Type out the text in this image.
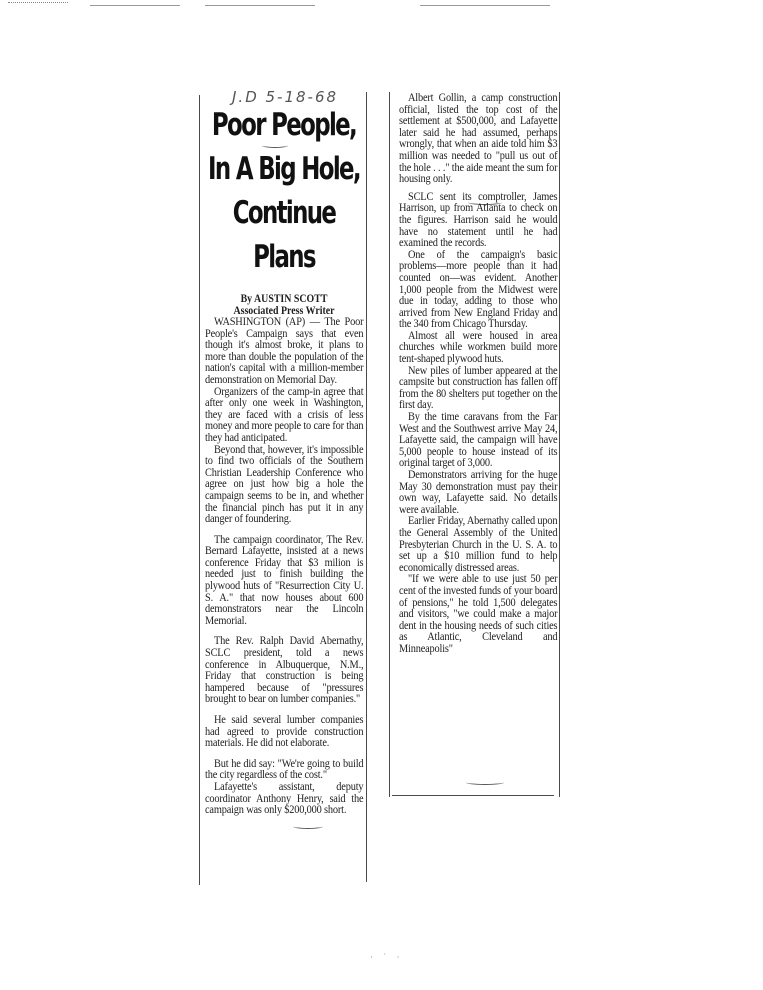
J.D 5-18-68
Poor People,
In A Big Hole,
Continue Plans
By AUSTIN SCOTT
Associated Press Writer

WASHINGTON (AP) — The Poor People's Campaign says that even though it's almost broke, it plans to more than double the population of the nation's capital with a million-member demonstration on Memorial Day.

Organizers of the camp-in agree that after only one week in Washington, they are faced with a crisis of less money and more people to care for than they had anticipated.

Beyond that, however, it's impossible to find two officials of the Southern Christian Leadership Conference who agree on just how big a hole the campaign seems to be in, and whether the financial pinch has put it in any danger of foundering.

The campaign coordinator, The Rev. Bernard Lafayette, insisted at a news conference Friday that $3 milion is needed just to finish building the plywood huts of "Resurrection City U. S. A." that now houses about 600 demonstrators near the Lincoln Memorial.

The Rev. Ralph David Abernathy, SCLC president, told a news conference in Albuquerque, N.M., Friday that construction is being hampered because of "pressures brought to bear on lumber companies."

He said several lumber companies had agreed to provide construction materials. He did not elaborate.

But he did say: "We're going to build the city regardless of the cost."

Lafayette's assistant, deputy coordinator Anthony Henry, said the campaign was only $200,000 short.

Albert Gollin, a camp construction official, listed the top cost of the settlement at $500,000, and Lafayette later said he had assumed, perhaps wrongly, that when an aide told him $3 million was needed to "pull us out of the hole . . ." the aide meant the sum for housing only.

SCLC sent its comptroller, James Harrison, up from Atlanta to check on the figures. Harrison said he would have no statement until he had examined the records.

One of the campaign's basic problems—more people than it had counted on—was evident. Another 1,000 people from the Midwest were due in today, adding to those who arrived from New England Friday and the 340 from Chicago Thursday.

Almost all were housed in area churches while workmen build more tent-shaped plywood huts.

New piles of lumber appeared at the campsite but construction has fallen off from the 80 shelters put together on the first day.

By the time caravans from the Far West and the Southwest arrive May 24, Lafayette said, the campaign will have 5,000 people to house instead of its original target of 3,000.

Demonstrators arriving for the huge May 30 demonstration must pay their own way, Lafayette said. No details were available.

Earlier Friday, Abernathy called upon the General Assembly of the United Presbyterian Church in the U. S. A. to set up a $10 million fund to help economically distressed areas.

"If we were able to use just 50 per cent of the invested funds of your board of pensions," he told 1,500 delegates and visitors, "we could make a major dent in the housing needs of such cities as Atlantic, Cleveland and Minneapolis"

· ˙ ·
